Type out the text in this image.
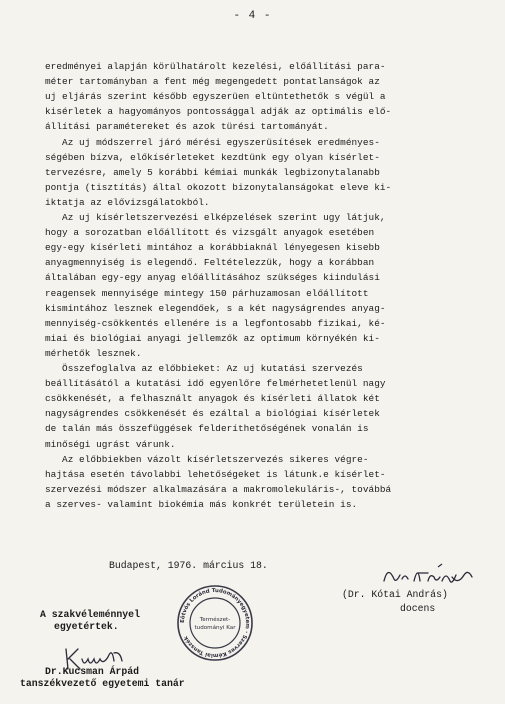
- 4 -
eredményei alapján körülhatárolt kezelési, előállítási para-
méter tartományban a fent még megengedett pontatlanságok az
uj eljárás szerint később egyszerüen eltüntethetők s végül a
kisérletek a hagyományos pontossággal adják az optimális elő-
állítási paramétereket és azok türési tartományát.
Az uj módszerrel járó mérési egyszerüsítések eredményes-
ségében bízva, előkísérleteket kezdtünk egy olyan kísérlet-
tervezésre, amely 5 korábbi kémiai munkák legbizonytalanabb
pontja (tisztítás) által okozott bizonytalanságokat eleve ki-
iktatja az elővizsgálatokból.
Az uj kísérletszervezési elképzelések szerint ugy látjuk,
hogy a sorozatban előállított és vizsgált anyagok esetében
egy-egy kísérleti mintához a korábbiaknál lényegesen kisebb
anyagmennyiség is elegendő. Feltételezzük, hogy a korábban
általában egy-egy anyag előállításához szükséges kiindulási
reagensek mennyisége mintegy 150 párhuzamosan előállított
kismintához lesznek elegendőek, s a két nagyságrendes anyag-
mennyiség-csökkentés ellenére is a legfontosabb fizikai, ké-
miai és biológiai anyagi jellemzők az optimum környékén ki-
mérhetők lesznek.
Összefoglalva az előbbieket: Az uj kutatási szervezés
beállításától a kutatási idő egyenlőre felmérhetetlenül nagy
csökkenését, a felhasznált anyagok és kísérleti állatok két
nagyságrendes csökkenését és ezáltal a biológiai kísérletek
de talán más összefüggések felderíthetőségének vonalán is
minőségi ugrást várunk.
Az előbbiekben vázolt kísérletszervezés sikeres végre-
hajtása esetén távolabbi lehetőségeket is látunk.e kísérlet-
szervezési módszer alkalmazására a makromolekuláris-, továbbá
a szerves- valamint biokémia más konkrét területein is.
Budapest, 1976. március 18.
(Dr. Kótai András)
docens
A szakvéleménnyel
egyetértek.	Eötvös Loránd Tudományegyetem · Szerves Kémiai Tanszék
Természet-
tudományi Kar
Dr.Kucsman Árpád
tanszékvezető egyetemi tanár
